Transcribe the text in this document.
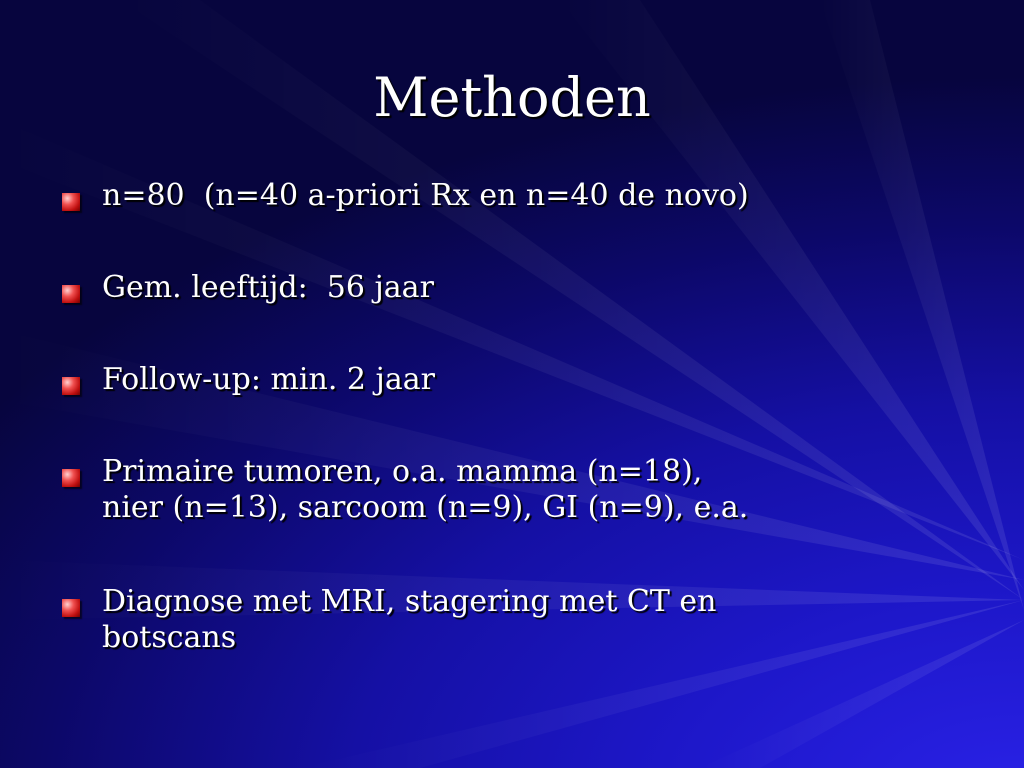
Methoden
n=80  (n=40 a-priori Rx en n=40 de novo)
Gem. leeftijd:  56 jaar
Follow-up: min. 2 jaar
Primaire tumoren, o.a. mamma (n=18),
nier (n=13), sarcoom (n=9), GI (n=9), e.a.
Diagnose met MRI, stagering met CT en
botscans
